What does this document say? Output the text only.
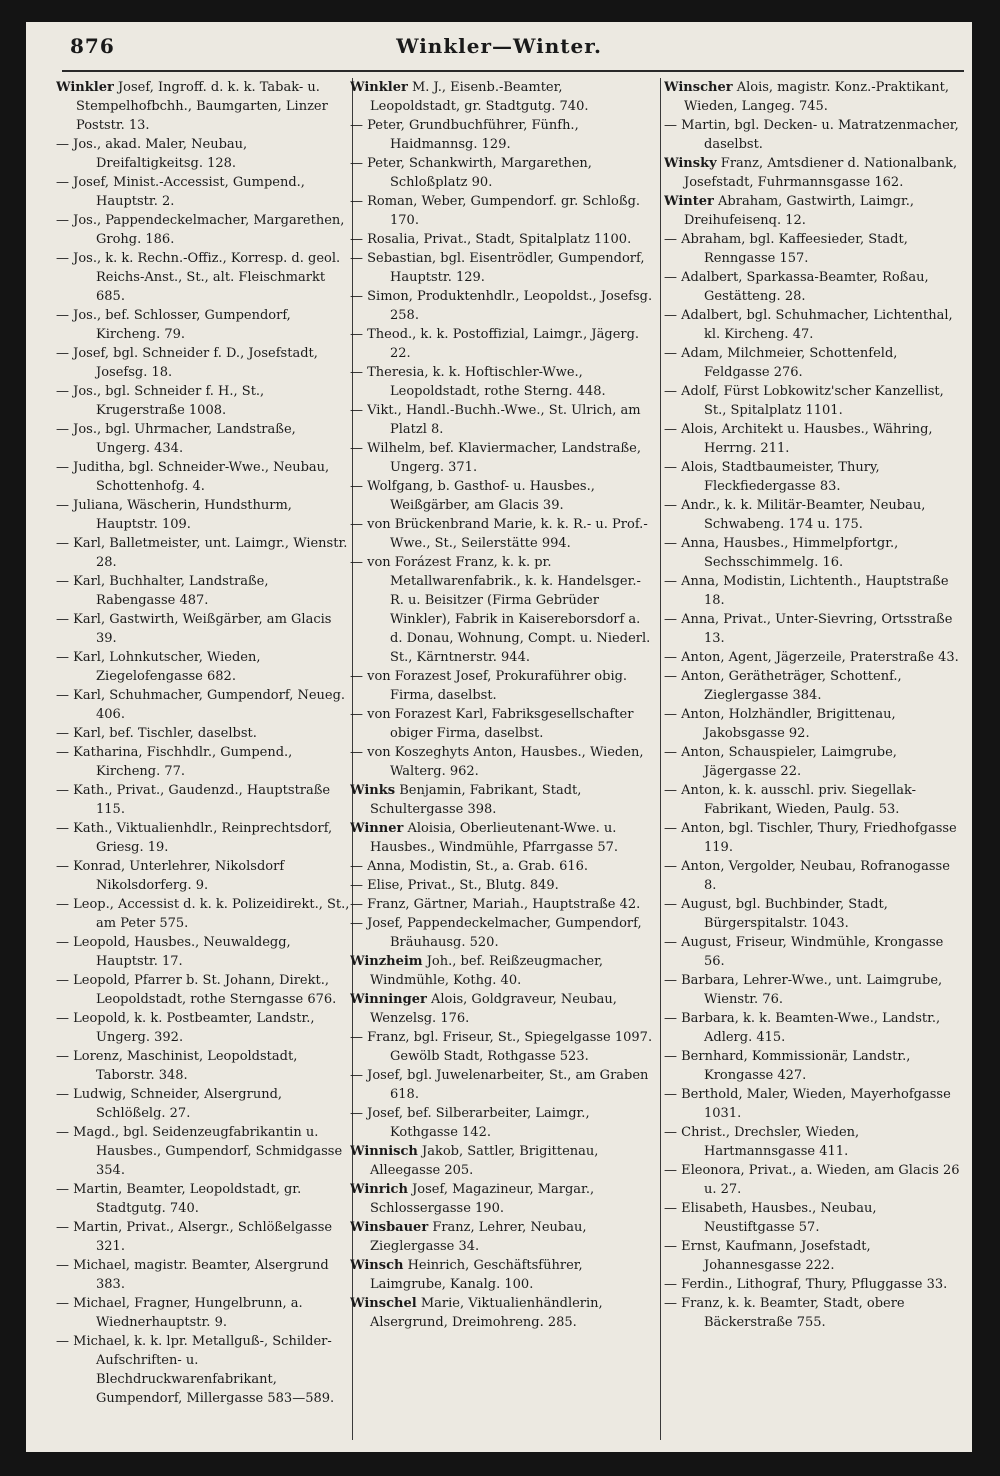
876	Winkler—Winter.

Winkler Josef, Ingroff. d. k. k. Tabak- u. Stempelhofbchh., Baumgarten, Linzer Poststr. 13.

— Jos., akad. Maler, Neubau, Dreifaltigkeitsg. 128.

— Josef, Minist.-Accessist, Gumpend., Hauptstr. 2.

— Jos., Pappendeckelmacher, Margarethen, Grohg. 186.

— Jos., k. k. Rechn.-Offiz., Korresp. d. geol. Reichs-Anst., St., alt. Fleischmarkt 685.

— Jos., bef. Schlosser, Gumpendorf, Kircheng. 79.

— Josef, bgl. Schneider f. D., Josefstadt, Josefsg. 18.

— Jos., bgl. Schneider f. H., St., Krugerstraße 1008.

— Jos., bgl. Uhrmacher, Landstraße, Ungerg. 434.

— Juditha, bgl. Schneider-Wwe., Neubau, Schottenhofg. 4.

— Juliana, Wäscherin, Hundsthurm, Hauptstr. 109.

— Karl, Balletmeister, unt. Laimgr., Wienstr. 28.

— Karl, Buchhalter, Landstraße, Rabengasse 487.

— Karl, Gastwirth, Weißgärber, am Glacis 39.

— Karl, Lohnkutscher, Wieden, Ziegelofengasse 682.

— Karl, Schuhmacher, Gumpendorf, Neueg. 406.

— Karl, bef. Tischler, daselbst.

— Katharina, Fischhdlr., Gumpend., Kircheng. 77.

— Kath., Privat., Gaudenzd., Hauptstraße 115.

— Kath., Viktualienhdlr., Reinprechtsdorf, Griesg. 19.

— Konrad, Unterlehrer, Nikolsdorf Nikolsdorferg. 9.

— Leop., Accessist d. k. k. Polizeidirekt., St., am Peter 575.

— Leopold, Hausbes., Neuwaldegg, Hauptstr. 17.

— Leopold, Pfarrer b. St. Johann, Direkt., Leopoldstadt, rothe Sterngasse 676.

— Leopold, k. k. Postbeamter, Landstr., Ungerg. 392.

— Lorenz, Maschinist, Leopoldstadt, Taborstr. 348.

— Ludwig, Schneider, Alsergrund, Schlößelg. 27.

— Magd., bgl. Seidenzeugfabrikantin u. Hausbes., Gumpendorf, Schmidgasse 354.

— Martin, Beamter, Leopoldstadt, gr. Stadtgutg. 740.

— Martin, Privat., Alsergr., Schlößelgasse 321.

— Michael, magistr. Beamter, Alsergrund 383.

— Michael, Fragner, Hungelbrunn, a. Wiednerhauptstr. 9.

— Michael, k. k. lpr. Metallguß-, Schilder-Aufschriften- u. Blechdruckwarenfabrikant, Gumpendorf, Millergasse 583—589.

Winkler M. J., Eisenb.-Beamter, Leopoldstadt, gr. Stadtgutg. 740.

— Peter, Grundbuchführer, Fünfh., Haidmannsg. 129.

— Peter, Schankwirth, Margarethen, Schloßplatz 90.

— Roman, Weber, Gumpendorf. gr. Schloßg. 170.

— Rosalia, Privat., Stadt, Spitalplatz 1100.

— Sebastian, bgl. Eisentrödler, Gumpendorf, Hauptstr. 129.

— Simon, Produktenhdlr., Leopoldst., Josefsg. 258.

— Theod., k. k. Postoffizial, Laimgr., Jägerg. 22.

— Theresia, k. k. Hoftischler-Wwe., Leopoldstadt, rothe Sterng. 448.

— Vikt., Handl.-Buchh.-Wwe., St. Ulrich, am Platzl 8.

— Wilhelm, bef. Klaviermacher, Landstraße, Ungerg. 371.

— Wolfgang, b. Gasthof- u. Hausbes., Weißgärber, am Glacis 39.

— von Brückenbrand Marie, k. k. R.- u. Prof.-Wwe., St., Seilerstätte 994.

— von Forázest Franz, k. k. pr. Metallwarenfabrik., k. k. Handelsger.-R. u. Beisitzer (Firma Gebrüder Winkler), Fabrik in Kaisereborsdorf a. d. Donau, Wohnung, Compt. u. Niederl. St., Kärntnerstr. 944.

— von Forazest Josef, Prokuraführer obig. Firma, daselbst.

— von Forazest Karl, Fabriksgesellschafter obiger Firma, daselbst.

— von Koszeghyts Anton, Hausbes., Wieden, Walterg. 962.

Winks Benjamin, Fabrikant, Stadt, Schultergasse 398.

Winner Aloisia, Oberlieutenant-Wwe. u. Hausbes., Windmühle, Pfarrgasse 57.

— Anna, Modistin, St., a. Grab. 616.

— Elise, Privat., St., Blutg. 849.

— Franz, Gärtner, Mariah., Hauptstraße 42.

— Josef, Pappendeckelmacher, Gumpendorf, Bräuhausg. 520.

Winzheim Joh., bef. Reißzeugmacher, Windmühle, Kothg. 40.

Winninger Alois, Goldgraveur, Neubau, Wenzelsg. 176.

— Franz, bgl. Friseur, St., Spiegelgasse 1097. Gewölb Stadt, Rothgasse 523.

— Josef, bgl. Juwelenarbeiter, St., am Graben 618.

— Josef, bef. Silberarbeiter, Laimgr., Kothgasse 142.

Winnisch Jakob, Sattler, Brigittenau, Alleegasse 205.

Winrich Josef, Magazineur, Margar., Schlossergasse 190.

Winsbauer Franz, Lehrer, Neubau, Zieglergasse 34.

Winsch Heinrich, Geschäftsführer, Laimgrube, Kanalg. 100.

Winschel Marie, Viktualienhändlerin, Alsergrund, Dreimohreng. 285.

Winscher Alois, magistr. Konz.-Praktikant, Wieden, Langeg. 745.

— Martin, bgl. Decken- u. Matratzenmacher, daselbst.

Winsky Franz, Amtsdiener d. Nationalbank, Josefstadt, Fuhrmannsgasse 162.

Winter Abraham, Gastwirth, Laimgr., Dreihufeisenq. 12.

— Abraham, bgl. Kaffeesieder, Stadt, Renngasse 157.

— Adalbert, Sparkassa-Beamter, Roßau, Gestätteng. 28.

— Adalbert, bgl. Schuhmacher, Lichtenthal, kl. Kircheng. 47.

— Adam, Milchmeier, Schottenfeld, Feldgasse 276.

— Adolf, Fürst Lobkowitz'scher Kanzellist, St., Spitalplatz 1101.

— Alois, Architekt u. Hausbes., Währing, Herrng. 211.

— Alois, Stadtbaumeister, Thury, Fleckfiedergasse 83.

— Andr., k. k. Militär-Beamter, Neubau, Schwabeng. 174 u. 175.

— Anna, Hausbes., Himmelpfortgr., Sechsschimmelg. 16.

— Anna, Modistin, Lichtenth., Hauptstraße 18.

— Anna, Privat., Unter-Sievring, Ortsstraße 13.

— Anton, Agent, Jägerzeile, Praterstraße 43.

— Anton, Gerätheträger, Schottenf., Zieglergasse 384.

— Anton, Holzhändler, Brigittenau, Jakobsgasse 92.

— Anton, Schauspieler, Laimgrube, Jägergasse 22.

— Anton, k. k. ausschl. priv. Siegellak-Fabrikant, Wieden, Paulg. 53.

— Anton, bgl. Tischler, Thury, Friedhofgasse 119.

— Anton, Vergolder, Neubau, Rofranogasse 8.

— August, bgl. Buchbinder, Stadt, Bürgerspitalstr. 1043.

— August, Friseur, Windmühle, Krongasse 56.

— Barbara, Lehrer-Wwe., unt. Laimgrube, Wienstr. 76.

— Barbara, k. k. Beamten-Wwe., Landstr., Adlerg. 415.

— Bernhard, Kommissionär, Landstr., Krongasse 427.

— Berthold, Maler, Wieden, Mayerhofgasse 1031.

— Christ., Drechsler, Wieden, Hartmannsgasse 411.

— Eleonora, Privat., a. Wieden, am Glacis 26 u. 27.

— Elisabeth, Hausbes., Neubau, Neustiftgasse 57.

— Ernst, Kaufmann, Josefstadt, Johannesgasse 222.

— Ferdin., Lithograf, Thury, Pfluggasse 33.

— Franz, k. k. Beamter, Stadt, obere Bäckerstraße 755.
